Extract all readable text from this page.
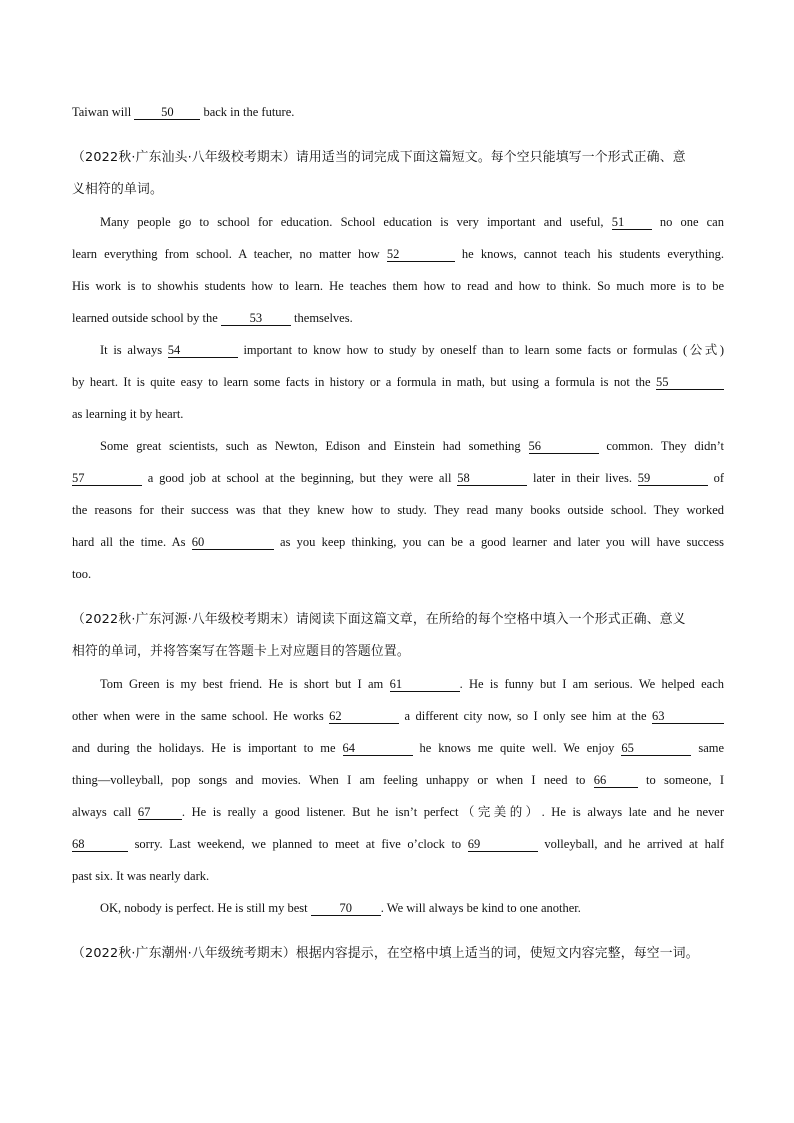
Taiwan will 50 back in the future.
（2022秋·广东汕头·八年级校考期末）请用适当的词完成下面这篇短文。每个空只能填写一个形式正确、意
义相符的单词。
Many people go to school for education. School education is very important and useful, 51 no one can
learn everything from school. A teacher, no matter how 52	he knows, cannot teach his students everything.
His work is to showhis students how to learn. He teaches them how to read and how to think. So much more is to be
learned outside school by the 53 themselves.
It is always 54	important to know how to study by oneself than to learn some facts or formulas (公式)
by heart. It is quite easy to learn some facts in history or a formula in math, but using a formula is not the 55
as learning it by heart.
Some great scientists, such as Newton, Edison and Einstein had something 56	common. They didn’t
57	a good job at school at the beginning, but they were all 58	later in their lives. 59	of
the reasons for their success was that they knew how to study. They read many books outside school. They worked
hard all the time. As 60	as you keep thinking, you can be a good learner and later you will have success
too.
（2022秋·广东河源·八年级校考期末）请阅读下面这篇文章，在所给的每个空格中填入一个形式正确、意义
相符的单词，并将答案写在答题卡上对应题目的答题位置。
Tom Green is my best friend. He is short but I am 61	. He is funny but I am serious. We helped each
other when were in the same school. He works 62	a different city now, so I only see him at the 63
and during the holidays. He is important to me 64	he knows me quite well. We enjoy 65	same
thing—volleyball, pop songs and movies. When I am feeling unhappy or when I need to 66	to someone, I
always call 67	. He is really a good listener. But he isn’t perfect（完美的）. He is always late and he never
68	sorry. Last weekend, we planned to meet at five o’clock to 69	volleyball, and he arrived at half
past six. It was nearly dark.
OK, nobody is perfect. He is still my best 70 . We will always be kind to one another.
（2022秋·广东潮州·八年级统考期末）根据内容提示，在空格中填上适当的词，使短文内容完整，每空一词。
